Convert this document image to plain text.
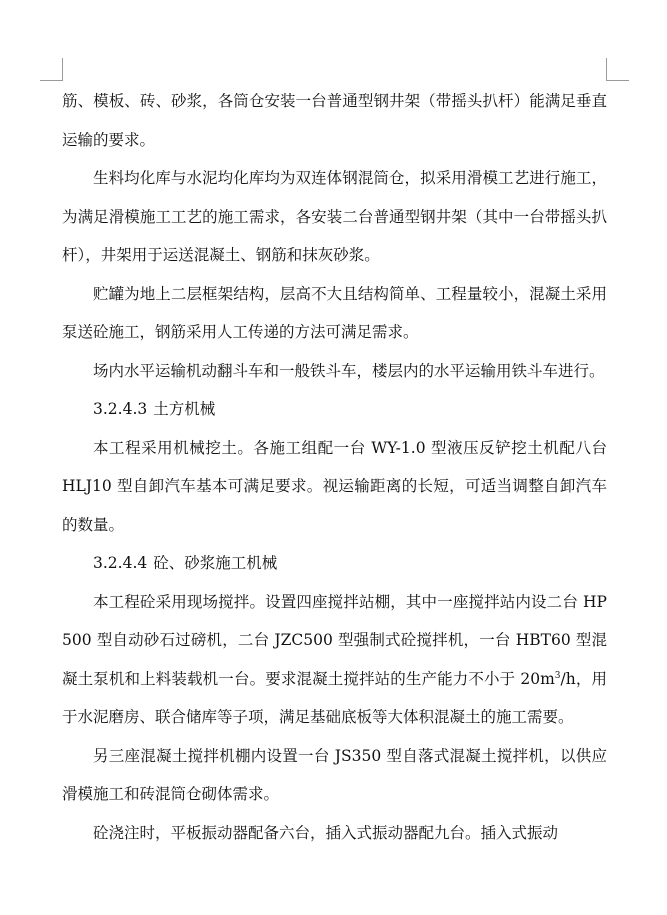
筋、模板、砖、砂浆，各筒仓安装一台普通型钢井架（带摇头扒杆）能满足垂直运输的要求。

生料均化库与水泥均化库均为双连体钢混筒仓，拟采用滑模工艺进行施工，为满足滑模施工工艺的施工需求，各安装二台普通型钢井架（其中一台带摇头扒杆），井架用于运送混凝土、钢筋和抹灰砂浆。

贮罐为地上二层框架结构，层高不大且结构简单、工程量较小，混凝土采用泵送砼施工，钢筋采用人工传递的方法可满足需求。

场内水平运输机动翻斗车和一般铁斗车，楼层内的水平运输用铁斗车进行。

3.2.4.3 土方机械

本工程采用机械挖土。各施工组配一台 WY-1.0 型液压反铲挖土机配八台 HLJ10 型自卸汽车基本可满足要求。视运输距离的长短，可适当调整自卸汽车的数量。

3.2.4.4 砼、砂浆施工机械

本工程砼采用现场搅拌。设置四座搅拌站棚，其中一座搅拌站内设二台 HP500 型自动砂石过磅机，二台 JZC500 型强制式砼搅拌机，一台 HBT60 型混凝土泵机和上料装载机一台。要求混凝土搅拌站的生产能力不小于 $20m^3/h$，用于水泥磨房、联合储库等子项，满足基础底板等大体积混凝土的施工需要。

另三座混凝土搅拌机棚内设置一台 JS350 型自落式混凝土搅拌机，以供应滑模施工和砖混筒仓砌体需求。

砼浇注时，平板振动器配备六台，插入式振动器配九台。插入式振动
